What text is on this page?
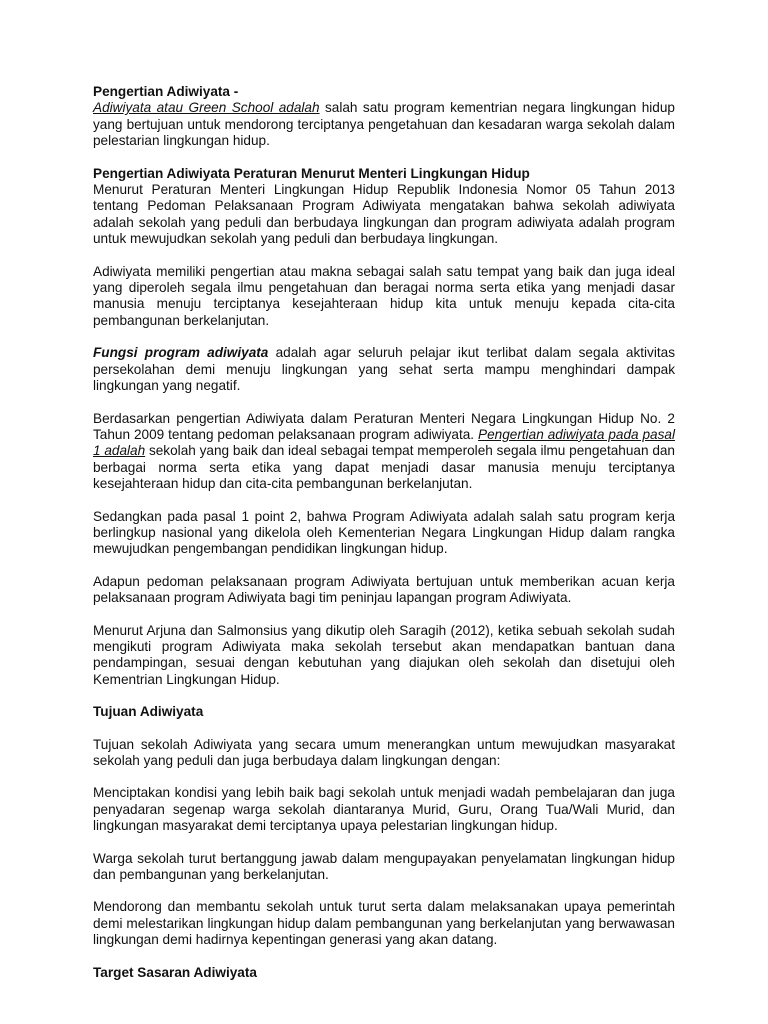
Pengertian Adiwiyata -

Adiwiyata atau Green School adalah salah satu program kementrian negara lingkungan hidup yang bertujuan untuk mendorong terciptanya pengetahuan dan kesadaran warga sekolah dalam pelestarian lingkungan hidup.

Pengertian Adiwiyata Peraturan Menurut Menteri Lingkungan Hidup

Menurut Peraturan Menteri Lingkungan Hidup Republik Indonesia Nomor 05 Tahun 2013 tentang Pedoman Pelaksanaan Program Adiwiyata mengatakan bahwa sekolah adiwiyata adalah sekolah yang peduli dan berbudaya lingkungan dan program adiwiyata adalah program untuk mewujudkan sekolah yang peduli dan berbudaya lingkungan.

Adiwiyata memiliki pengertian atau makna sebagai salah satu tempat yang baik dan juga ideal yang diperoleh segala ilmu pengetahuan dan beragai norma serta etika yang menjadi dasar manusia menuju terciptanya kesejahteraan hidup kita untuk menuju kepada cita-cita pembangunan berkelanjutan.

Fungsi program adiwiyata adalah agar seluruh pelajar ikut terlibat dalam segala aktivitas persekolahan demi menuju lingkungan yang sehat serta mampu menghindari dampak lingkungan yang negatif.

Berdasarkan pengertian Adiwiyata dalam Peraturan Menteri Negara Lingkungan Hidup No. 2 Tahun 2009 tentang pedoman pelaksanaan program adiwiyata. Pengertian adiwiyata pada pasal 1 adalah sekolah yang baik dan ideal sebagai tempat memperoleh segala ilmu pengetahuan dan berbagai norma serta etika yang dapat menjadi dasar manusia menuju terciptanya kesejahteraan hidup dan cita-cita pembangunan berkelanjutan.

Sedangkan pada pasal 1 point 2, bahwa Program Adiwiyata adalah salah satu program kerja berlingkup nasional yang dikelola oleh Kementerian Negara Lingkungan Hidup dalam rangka mewujudkan pengembangan pendidikan lingkungan hidup.

Adapun pedoman pelaksanaan program Adiwiyata bertujuan untuk memberikan acuan kerja pelaksanaan program Adiwiyata bagi tim peninjau lapangan program Adiwiyata.

Menurut Arjuna dan Salmonsius yang dikutip oleh Saragih (2012), ketika sebuah sekolah sudah mengikuti program Adiwiyata maka sekolah tersebut akan mendapatkan bantuan dana pendampingan, sesuai dengan kebutuhan yang diajukan oleh sekolah dan disetujui oleh Kementrian Lingkungan Hidup.

Tujuan Adiwiyata

Tujuan sekolah Adiwiyata yang secara umum menerangkan untum mewujudkan masyarakat sekolah yang peduli dan juga berbudaya dalam lingkungan dengan:

Menciptakan kondisi yang lebih baik bagi sekolah untuk menjadi wadah pembelajaran dan juga penyadaran segenap warga sekolah diantaranya Murid, Guru, Orang Tua/Wali Murid, dan lingkungan masyarakat demi terciptanya upaya pelestarian lingkungan hidup.

Warga sekolah turut bertanggung jawab dalam mengupayakan penyelamatan lingkungan hidup dan pembangunan yang berkelanjutan.

Mendorong dan membantu sekolah untuk turut serta dalam melaksanakan upaya pemerintah demi melestarikan lingkungan hidup dalam pembangunan yang berkelanjutan yang berwawasan lingkungan demi hadirnya kepentingan generasi yang akan datang.

Target Sasaran Adiwiyata
